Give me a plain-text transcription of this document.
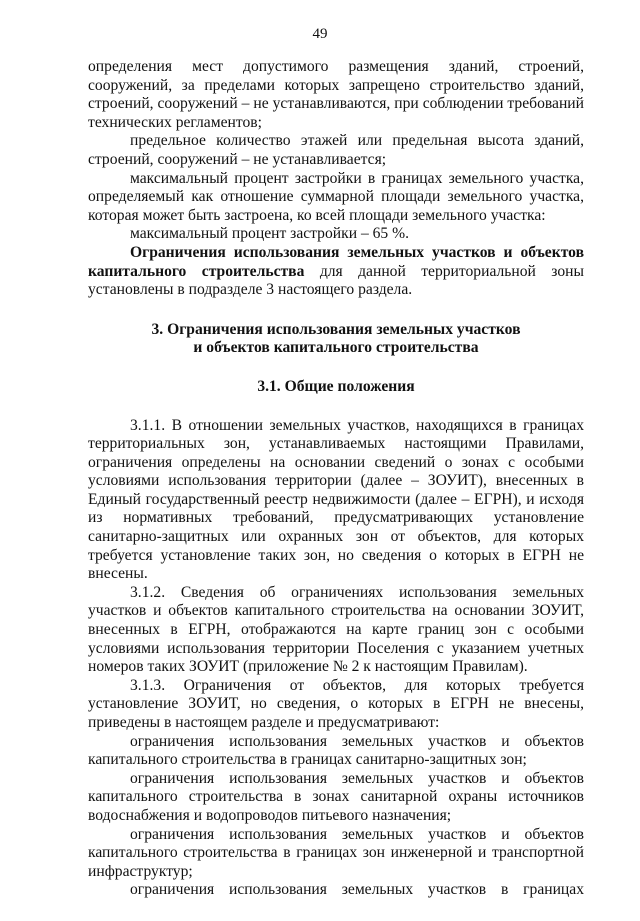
49

определения мест допустимого размещения зданий, строений, сооружений, за пределами которых запрещено строительство зданий, строений, сооружений – не устанавливаются, при соблюдении требований технических регламентов;

предельное количество этажей или предельная высота зданий, строений, сооружений – не устанавливается;

максимальный процент застройки в границах земельного участка, определяемый как отношение суммарной площади земельного участка, которая может быть застроена, ко всей площади земельного участка:

максимальный процент застройки – 65 %.

Ограничения использования земельных участков и объектов капитального строительства для данной территориальной зоны установлены в подразделе 3 настоящего раздела.

3. Ограничения использования земельных участков
и объектов капитального строительства

3.1. Общие положения

3.1.1. В отношении земельных участков, находящихся в границах территориальных зон, устанавливаемых настоящими Правилами, ограничения определены на основании сведений о зонах с особыми условиями использования территории (далее – ЗОУИТ), внесенных в Единый государственный реестр недвижимости (далее – ЕГРН), и исходя из нормативных требований, предусматривающих установление санитарно-защитных или охранных зон от объектов, для которых требуется установление таких зон, но сведения о которых в ЕГРН не внесены.

3.1.2. Сведения об ограничениях использования земельных участков и объектов капитального строительства на основании ЗОУИТ, внесенных в ЕГРН, отображаются на карте границ зон с особыми условиями использования территории Поселения с указанием учетных номеров таких ЗОУИТ (приложение № 2 к настоящим Правилам).

3.1.3. Ограничения от объектов, для которых требуется установление ЗОУИТ, но сведения, о которых в ЕГРН не внесены, приведены в настоящем разделе и предусматривают:

ограничения использования земельных участков и объектов капитального строительства в границах санитарно-защитных зон;

ограничения использования земельных участков и объектов капитального строительства в зонах санитарной охраны источников водоснабжения и водопроводов питьевого назначения;

ограничения использования земельных участков и объектов капитального строительства в границах зон инженерной и транспортной инфраструктур;

ограничения использования земельных участков в границах
